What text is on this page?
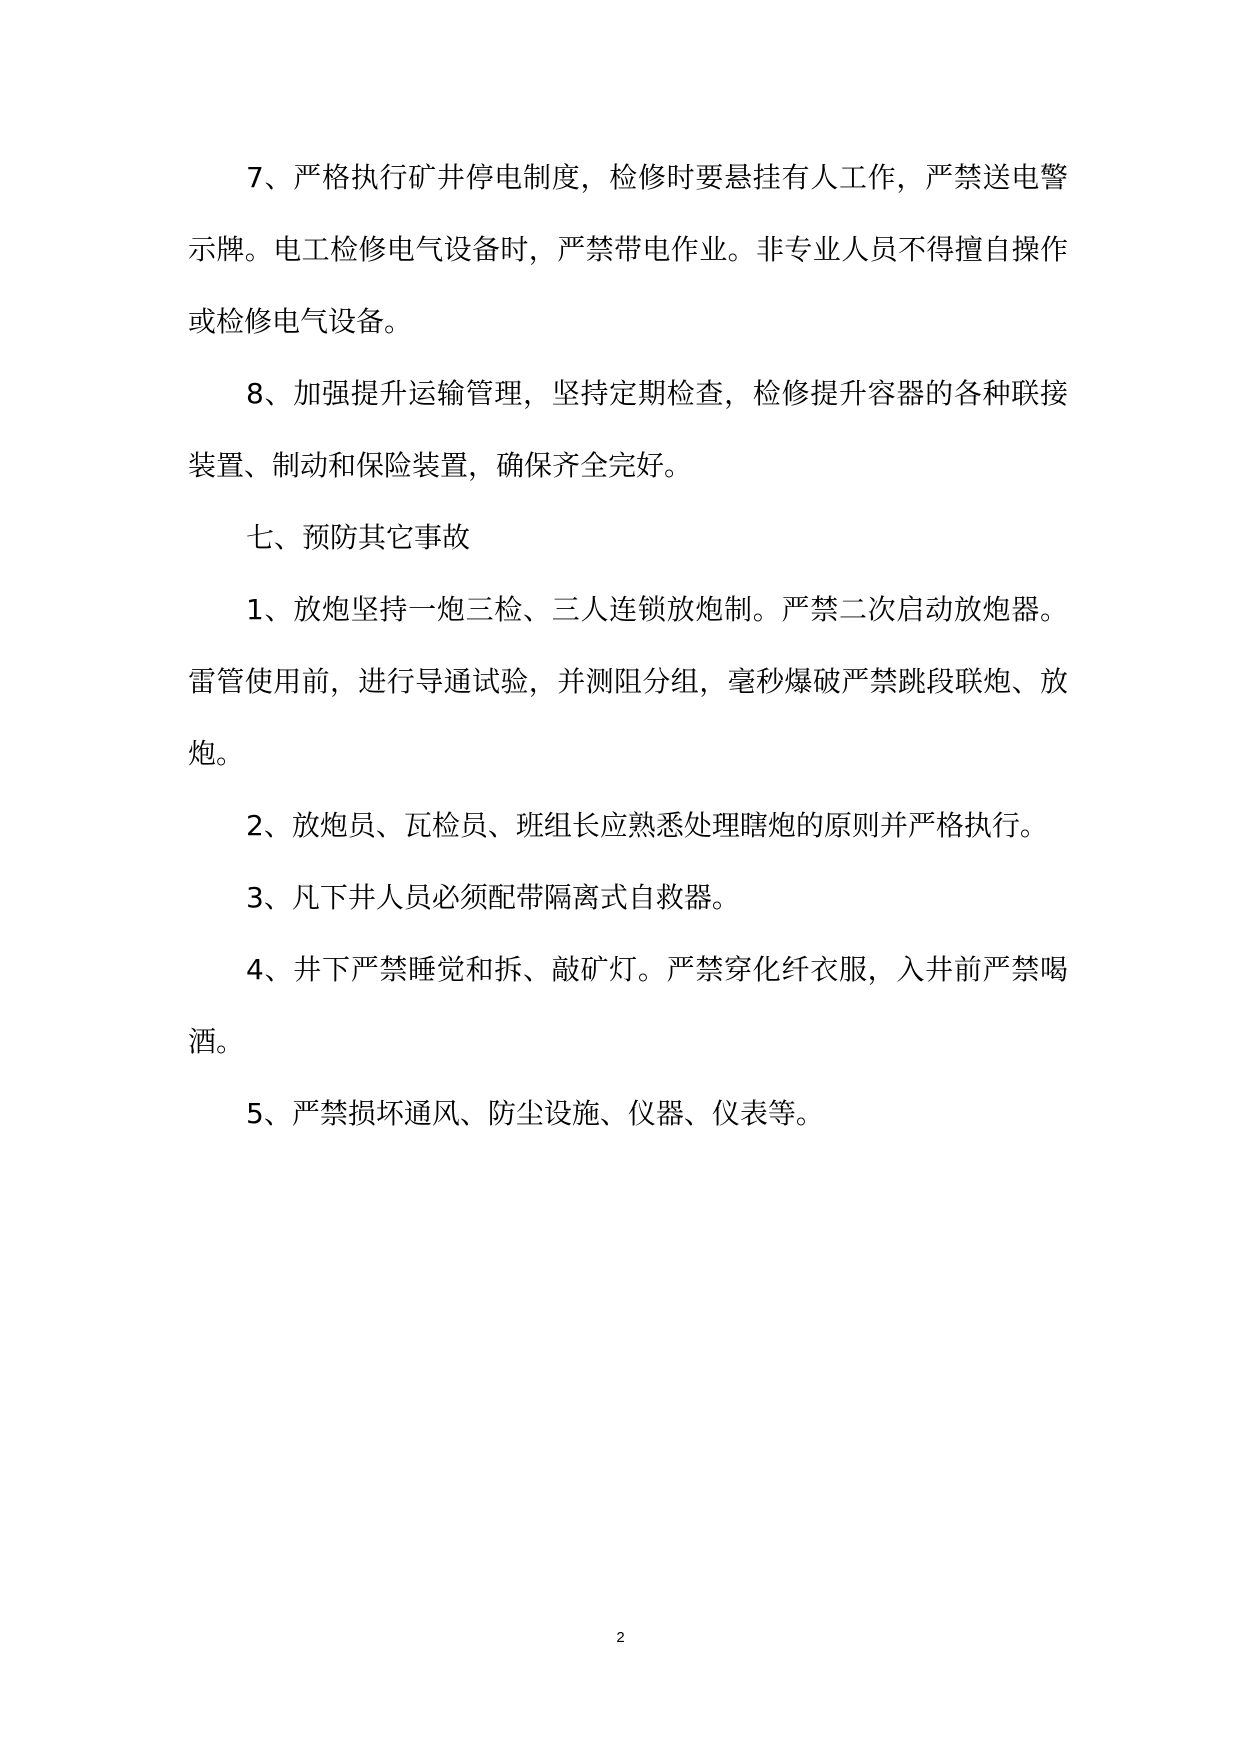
7、严格执行矿井停电制度，检修时要悬挂有人工作，严禁送电警示牌。电工检修电气设备时，严禁带电作业。非专业人员不得擅自操作或检修电气设备。

8、加强提升运输管理，坚持定期检查，检修提升容器的各种联接装置、制动和保险装置，确保齐全完好。

七、预防其它事故

1、放炮坚持一炮三检、三人连锁放炮制。严禁二次启动放炮器。雷管使用前，进行导通试验，并测阻分组，毫秒爆破严禁跳段联炮、放炮。

2、放炮员、瓦检员、班组长应熟悉处理瞎炮的原则并严格执行。

3、凡下井人员必须配带隔离式自救器。

4、井下严禁睡觉和拆、敲矿灯。严禁穿化纤衣服，入井前严禁喝酒。

5、严禁损坏通风、防尘设施、仪器、仪表等。

2
